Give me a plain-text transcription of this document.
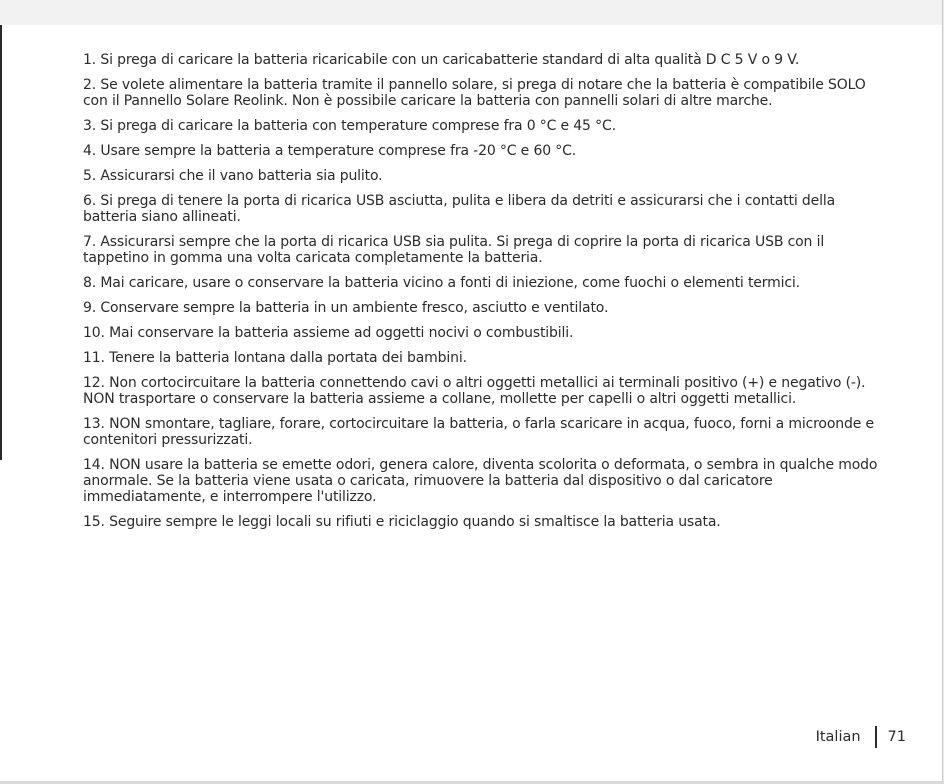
1. Si prega di caricare la batteria ricaricabile con un caricabatterie standard di alta qualità D C 5 V o 9 V.

2. Se volete alimentare la batteria tramite il pannello solare, si prega di notare che la batteria è compatibile SOLO con il Pannello Solare Reolink. Non è possibile caricare la batteria con pannelli solari di altre marche.

3. Si prega di caricare la batteria con temperature comprese fra 0 °C e 45 °C.

4. Usare sempre la batteria a temperature comprese fra -20 °C e 60 °C.

5. Assicurarsi che il vano batteria sia pulito.

6. Si prega di tenere la porta di ricarica USB asciutta, pulita e libera da detriti e assicurarsi che i contatti della batteria siano allineati.

7. Assicurarsi sempre che la porta di ricarica USB sia pulita. Si prega di coprire la porta di ricarica USB con il tappetino in gomma una volta caricata completamente la batteria.

8. Mai caricare, usare o conservare la batteria vicino a fonti di iniezione, come fuochi o elementi termici.

9. Conservare sempre la batteria in un ambiente fresco, asciutto e ventilato.

10. Mai conservare la batteria assieme ad oggetti nocivi o combustibili.

11. Tenere la batteria lontana dalla portata dei bambini.

12. Non cortocircuitare la batteria connettendo cavi o altri oggetti metallici ai terminali positivo (+) e negativo (-). NON trasportare o conservare la batteria assieme a collane, mollette per capelli o altri oggetti metallici.

13. NON smontare, tagliare, forare, cortocircuitare la batteria, o farla scaricare in acqua, fuoco, forni a microonde e contenitori pressurizzati.

14. NON usare la batteria se emette odori, genera calore, diventa scolorita o deformata, o sembra in qualche modo anormale. Se la batteria viene usata o caricata, rimuovere la batteria dal dispositivo o dal caricatore immediatamente, e interrompere l'utilizzo.

15. Seguire sempre le leggi locali su rifiuti e riciclaggio quando si smaltisce la batteria usata.

Italian 71
